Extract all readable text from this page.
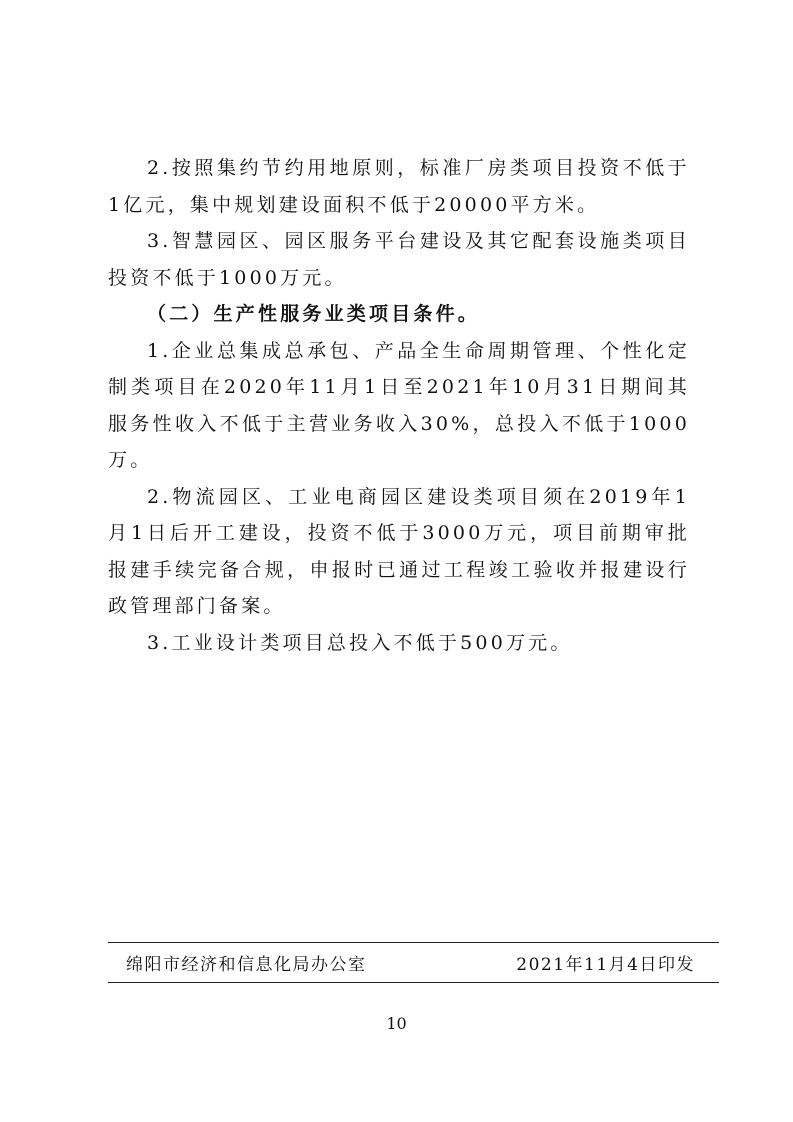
2.按照集约节约用地原则，标准厂房类项目投资不低于1亿元，集中规划建设面积不低于20000平方米。

3.智慧园区、园区服务平台建设及其它配套设施类项目投资不低于1000万元。

（二）生产性服务业类项目条件。

1.企业总集成总承包、产品全生命周期管理、个性化定制类项目在2020年11月1日至2021年10月31日期间其服务性收入不低于主营业务收入30%，总投入不低于1000万。

2.物流园区、工业电商园区建设类项目须在2019年1月1日后开工建设，投资不低于3000万元，项目前期审批报建手续完备合规，申报时已通过工程竣工验收并报建设行政管理部门备案。

3.工业设计类项目总投入不低于500万元。

绵阳市经济和信息化局办公室	2021年11月4日印发
10
